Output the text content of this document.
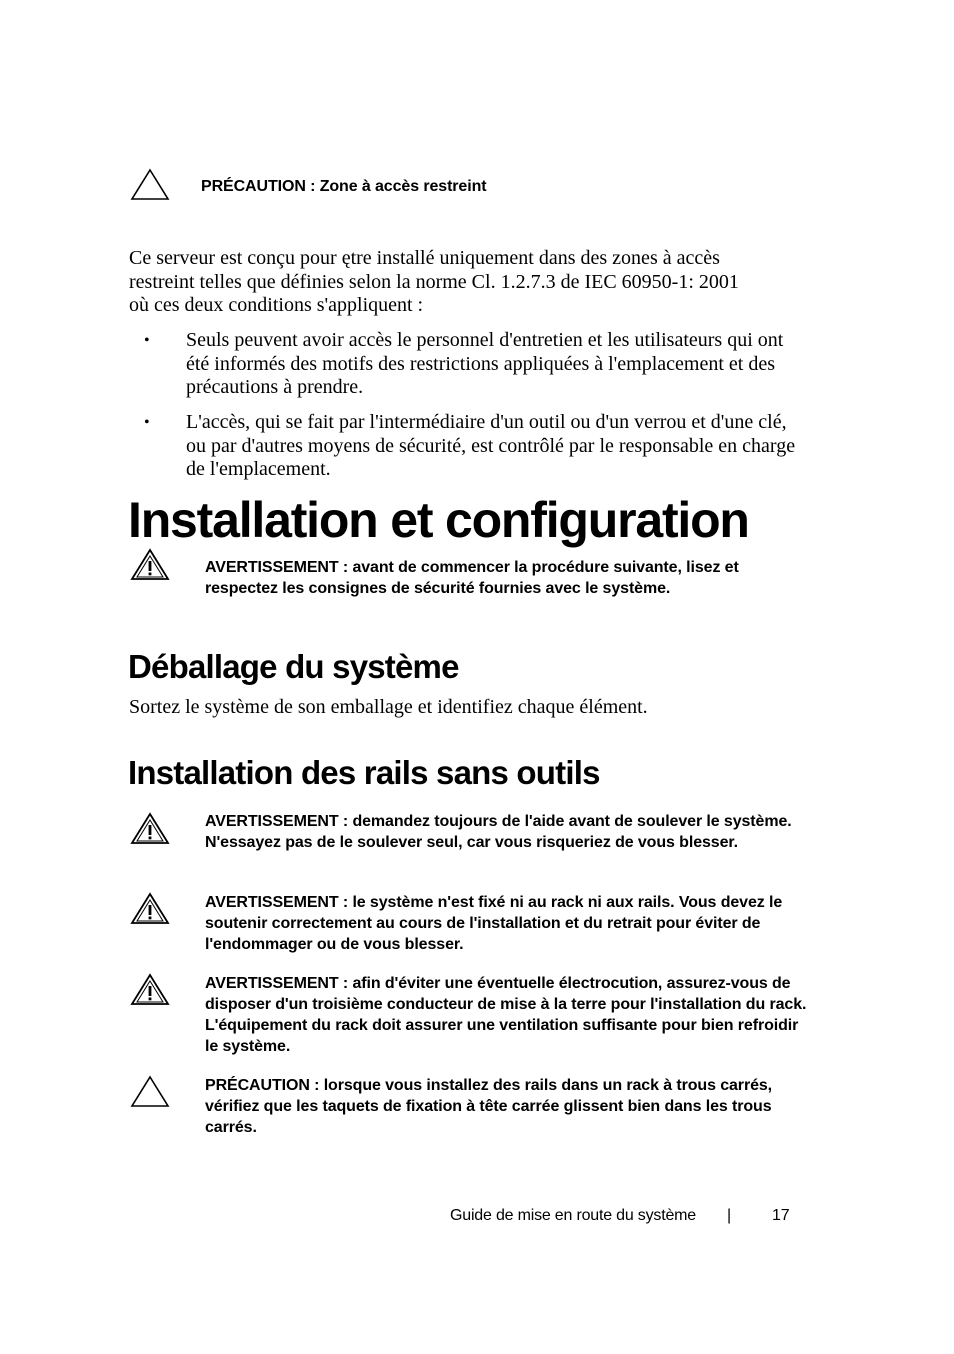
PRÉCAUTION : Zone à accès restreint
Ce serveur est conçu pour ętre installé uniquement dans des zones à accès restreint telles que définies selon la norme Cl. 1.2.7.3 de IEC 60950-1: 2001 où ces deux conditions s'appliquent :
• Seuls peuvent avoir accès le personnel d'entretien et les utilisateurs qui ont été informés des motifs des restrictions appliquées à l'emplacement et des précautions à prendre.
• L'accès, qui se fait par l'intermédiaire d'un outil ou d'un verrou et d'une clé, ou par d'autres moyens de sécurité, est contrôlé par le responsable en charge de l'emplacement.
Installation et configuration
AVERTISSEMENT : avant de commencer la procédure suivante, lisez et respectez les consignes de sécurité fournies avec le système.
Déballage du système
Sortez le système de son emballage et identifiez chaque élément.
Installation des rails sans outils
AVERTISSEMENT : demandez toujours de l'aide avant de soulever le système. N'essayez pas de le soulever seul, car vous risqueriez de vous blesser.
AVERTISSEMENT : le système n'est fixé ni au rack ni aux rails. Vous devez le soutenir correctement au cours de l'installation et du retrait pour éviter de l'endommager ou de vous blesser.
AVERTISSEMENT : afin d'éviter une éventuelle électrocution, assurez-vous de disposer d'un troisième conducteur de mise à la terre pour l'installation du rack. L'équipement du rack doit assurer une ventilation suffisante pour bien refroidir le système.
PRÉCAUTION : lorsque vous installez des rails dans un rack à trous carrés, vérifiez que les taquets de fixation à tête carrée glissent bien dans les trous carrés.
Guide de mise en route du système |	17
